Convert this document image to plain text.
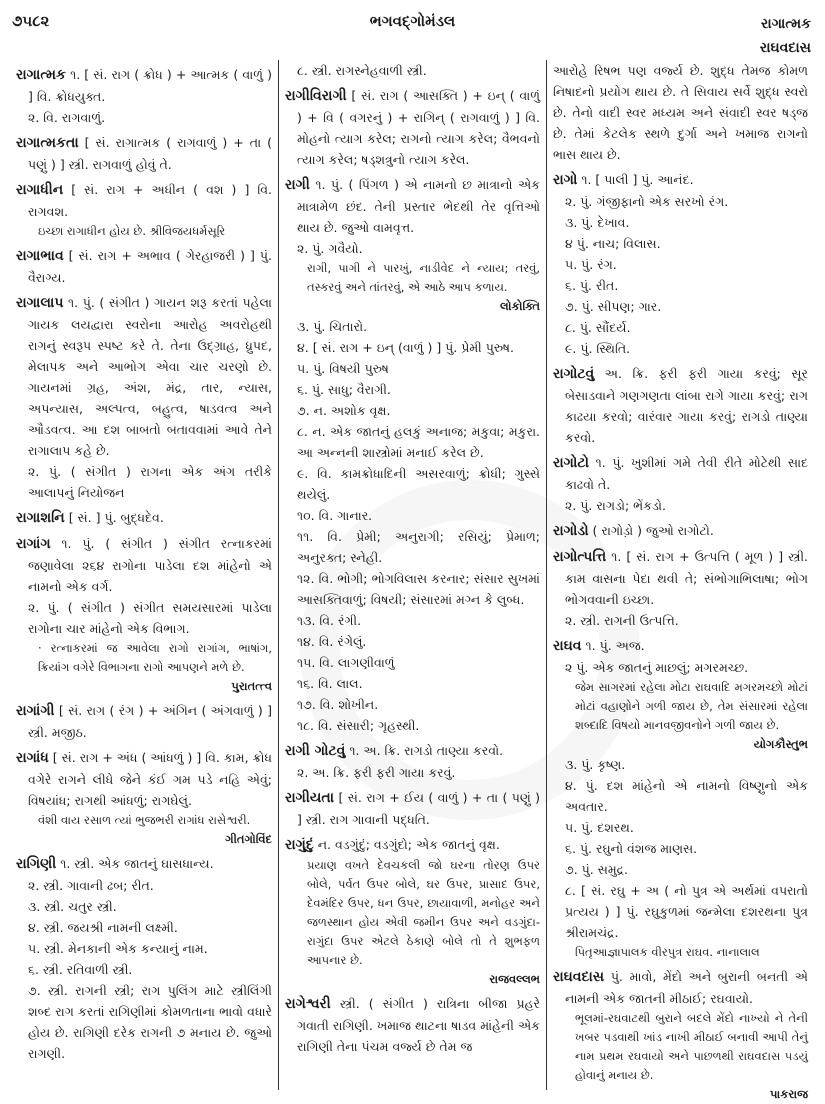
૭૫૮૨	ભગવદ્ગોમંડલ	રાગાત્મક
રાઘવદાસ
રાગાત્મક ૧. [ સં. રાગ ( ક્રોધ ) + આત્મક ( વાળું ) ] વિ. ક્રોધયુક્ત.
૨. વિ. રાગવાળું.
રાગાત્મકતા [ સં. રાગાત્મક ( રાગવાળું ) + તા ( પણું ) ] સ્ત્રી. રાગવાળું હોવું તે.
રાગાધીન [ સં. રાગ + અધીન ( વશ ) ] વિ. રાગવશ.
ઇચ્છા રાગાધીન હોય છે. શ્રીવિજયધર્મસૂરિ
રાગાભાવ [ સં. રાગ + અભાવ ( ગેરહાજરી ) ] પું. વૈરાગ્ય.
રાગાલાપ ૧. પું. ( સંગીત ) ગાયન શરૂ કરતાં પહેલા ગાયક લયદ્વારા સ્વરોના આરોહ અવરોહથી રાગનું સ્વરૂપ સ્પષ્ટ કરે તે. તેના ઉદ્‌ગ્રાહ, ધ્રુપદ, મેલાપક અને આભોગ એવા ચાર ચરણો છે. ગાયનમાં ગ્રહ, અંશ, મંદ્ર, તાર, ન્યાસ, અપન્યાસ, અલ્પત્વ, બહુત્વ, ષાડવત્વ અને ઔડવત્વ. આ દશ બાબતો બતાવવામાં આવે તેને રાગાલાપ કહે છે.
૨. પું. ( સંગીત ) રાગના એક અંગ તરીકે આલાપનું નિયોજન
રાગાશનિ [ સં. ] પું. બુદ્ધદેવ.
રાગાંગ ૧. પું. ( સંગીત ) સંગીત રત્નાકરમાં જણાવેલા ૨૬૪ રાગોના પાડેલા દશ માંહેનો એ નામનો એક વર્ગ.
૨. પું. ( સંગીત ) સંગીત સમયસારમાં પાડેલા રાગોના ચાર માંહેનો એક વિભાગ.
· રત્નાકરમાં જ આવેલા રાગો રાગાંગ, ભાષાંગ, ક્રિયાંગ વગેરે વિભાગના રાગો આપણને મળે છે.
પુરાતત્ત્વ
રાગાંગી [ સં. રાગ ( રંગ ) + અંગિન ( અંગવાળું ) ] સ્ત્રી. મજીઠ.
રાગાંધ [ સં. રાગ + અંધ ( આંધળું ) ] વિ. કામ, ક્રોધ વગેરે રાગને લીધે જેને કંઈ ગમ પડે નહિ એવું; વિષયાંધ; રાગથી આંધળું; રાગઘેલું.
વંશી વાય રસાળ ત્યાં ભુજભરી રાગાંધ રાસેશ્વરી.
ગીતગોવિંદ
રાગિણી ૧. સ્ત્રી. એક જાતનું ઘાસધાન્ય.
૨. સ્ત્રી. ગાવાની ઢબ; રીત.
૩. સ્ત્રી. ચતુર સ્ત્રી.
૪. સ્ત્રી. જયશ્રી નામની લક્ષ્મી.
૫. સ્ત્રી. મેનકાની એક કન્યાનું નામ.
૬. સ્ત્રી. રતિવાળી સ્ત્રી.
૭. સ્ત્રી. રાગની સ્ત્રી; રાગ પુલિંગ માટે સ્ત્રીલિંગી શબ્દ રાગ કરતાં રાગિણીમાં કોમળતાના ભાવો વધારે હોય છે. રાગિણી દરેક રાગની ૭ મનાય છે. જુઓ રાગણી.
૮. સ્ત્રી. રાગસ્નેહવાળી સ્ત્રી.
રાગીવિરાગી [ સં. રાગ ( આસક્તિ ) + ઇન્ ( વાળું ) + વિ ( વગરનું ) + રાગિન્ ( રાગવાળું ) ] વિ. મોહનો ત્યાગ કરેલ; રાગનો ત્યાગ કરેલ; વૈભવનો ત્યાગ કરેલ; ષડ્‌શત્રુનો ત્યાગ કરેલ.
રાગી ૧. પું. ( પિંગળ ) એ નામનો છ માત્રાનો એક માત્રામેળ છંદ. તેની પ્રસ્તાર ભેદથી તેર વૃત્તિઓ થાય છે. જુઓ વામવૃત્ત.
૨. પું. ગવૈયો.
રાગી, પાગી ને પારખું, નાડીવેદ ને ન્યાય; તરવું, તસ્કરવું અને તાંતરવું, એ આઠે આપ કળાય.
લોકોક્તિ
૩. પું. ચિતારો.
૪. [ સં. રાગ + ઇન્ (વાળું ) ] પું. પ્રેમી પુરુષ.
૫. પું. વિષયી પુરુષ
૬. પું. સાધુ; વૈરાગી.
૭. ન. અશોક વૃક્ષ.
૮. ન. એક જાતનું હલકું અનાજ; મકુવા; મકુરા. આ અન્નની શાસ્ત્રોમાં મનાઈ કરેલ છે.
૯. વિ. કામક્રોધાદિની અસરવાળું; ક્રોધી; ગુસ્સે થયેલું.
૧૦. વિ. ગાનાર.
૧૧. વિ. પ્રેમી; અનુરાગી; રસિયું; પ્રેમાળ; અનુરક્ત; સ્નેહી.
૧૨. વિ. ભોગી; ભોગવિલાસ કરનાર; સંસાર સુખમાં આસક્તિવાળું; વિષયી; સંસારમાં મગ્ન કે લુબ્ધ.
૧૩. વિ. રંગી.
૧૪. વિ. રંગેલું.
૧૫. વિ. લાગણીવાળું
૧૬. વિ. લાલ.
૧૭. વિ. શોખીન.
૧૮. વિ. સંસારી; ગૃહસ્થી.
રાગી ગોટવું ૧. અ. ક્રિ. રાગડો તાણ્યા કરવો.
૨. અ. ક્રિ. ફરી ફરી ગાયા કરવું.
રાગીયતા [ સં. રાગ + ઈય ( વાળું ) + તા ( પણું ) ] સ્ત્રી. રાગ ગાવાની પદ્ધતિ.
રાગુંદું ન. વડગુંદું; વડગુંદો; એક જાતનું વૃક્ષ.
પ્રયાણ વખતે દેવચકલી જો ઘરના તોરણ ઉપર બોલે, પર્વત ઉપર બોલે, ઘર ઉપર, પ્રાસાદ ઉપર, દેવમંદિર ઉપર, ધન ઉપર, છાયાવાળી, મનોહર અને જળસ્થાન હોય એવી જમીન ઉપર અને વડગુંદા-રાગુંદા ઉપર એટલે ઠેકાણે બોલે તો તે શુભફળ આપનાર છે.
રાજવલ્લભ
રાગેશ્વરી સ્ત્રી. ( સંગીત ) રાત્રિના બીજા પ્રહરે ગવાતી રાગિણી. ખમાજ થાટના ષાડવ માંહેની એક રાગિણી તેના પંચમ વર્જ્ય છે તેમ જ
આરોહે રિષભ પણ વર્જ્ય છે. શુદ્ધ તેમજ કોમળ નિષાદનો પ્રયોગ થાય છે. તે સિવાય સર્વે શુદ્ધ સ્વરો છે. તેનો વાદી સ્વર મધ્યમ અને સંવાદી સ્વર ષડ્‌જ છે. તેમાં કેટલેક સ્થળે દુર્ગા અને ખમાજ રાગનો ભાસ થાય છે.
રાગો ૧. [ પાલી ] પું. આનંદ.
૨. પું. ગંજીફાનો એક સરખો રંગ.
૩. પું. દેખાવ.
૪ પું. નાચ; વિલાસ.
૫. પું. રંગ.
૬. પું. રીત.
૭. પું. સીપણ; ગાર.
૮. પું. સૌંદર્ય.
૯. પું. સ્થિતિ.
રાગોટવું અ. ક્રિ. ફરી ફરી ગાયા કરવું; સૂર બેસાડવાને ગણગણતા લાંબા રાગે ગાયા કરવું; રાગ કાઢયા કરવો; વારંવાર ગાયા કરવું; રાગડો તાણ્યા કરવો.
રાગોટો ૧. પું. ખુશીમાં ગમે તેવી રીતે મોટેથી સાદ કાઢવો તે.
૨. પું. રાગડો; ભેંકડો.
રાગોડો ( રાગોડ઼ો ) જુઓ રાગોટો.
રાગોત્પત્તિ ૧. [ સં. રાગ + ઉત્પત્તિ ( મૂળ ) ] સ્ત્રી. કામ વાસના પેદા થવી તે; સંભોગાભિલાષા; ભોગ ભોગવવાની ઇચ્છા.
૨. સ્ત્રી. રાગની ઉત્પત્તિ.
રાઘવ ૧. પું. અજ.
૨ પું. એક જાતનું માછલું; મગરમચ્છ.
જેમ સાગરમાં રહેલા મોટા રાઘવાદિ મગરમચ્છો મોટાં મોટાં વહાણોને ગળી જાય છે, તેમ સંસારમાં રહેલા શબ્દાદિ વિષયો માનવજીવનોને ગળી જાય છે.
યોગકૌસ્તુભ
૩. પું. કૃષ્ણ.
૪. પું. દશ માંહેનો એ નામનો વિષ્ણુનો એક અવતાર.
૫. પું. દશરથ.
૬. પું. રઘુનો વંશજ માણસ.
૭. પું. સમુદ્ર.
૮. [ સં. રઘુ + અ ( નો પુત્ર એ અર્થમાં વપરાતો પ્રત્યય ) ] પું. રઘુકુળમાં જન્મેલા દશરથના પુત્ર શ્રીરામચંદ્ર.
પિતૃઆજ્ઞાપાલક વીરપુત્ર રાઘવ. નાનાલાલ
રાઘવદાસ પું. માવો, મેંદો અને બુરાની બનતી એ નામની એક જાતની મીઠાઈ; રઘવાયો.
ભૂલમાં-રઘવાટથી બુરાને બદલે મેંદો નાખ્યો ને તેની ખબર પડવાથી ખાંડ નાખી મીઠાઈ બનાવી આપી તેનું નામ પ્રથમ રઘવાયો અને પાછળથી રાઘવદાસ પડયું હોવાનું મનાય છે.
પાકરાજ
